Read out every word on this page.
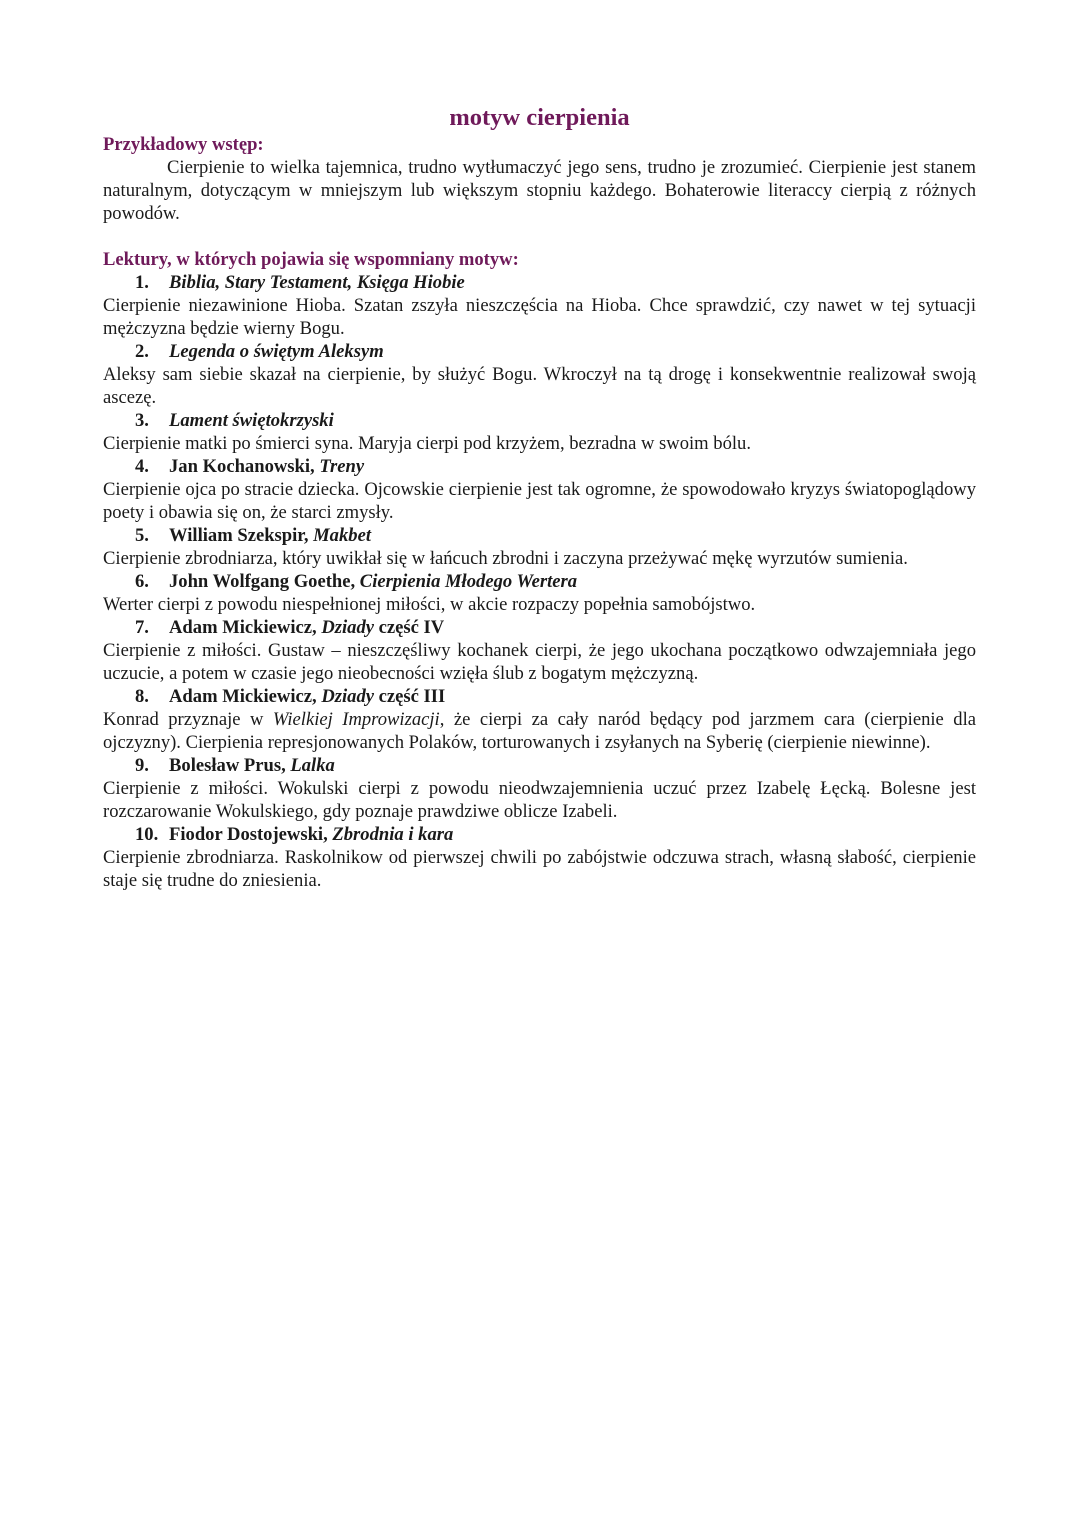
motyw cierpienia
Przykładowy wstęp:

Cierpienie to wielka tajemnica, trudno wytłumaczyć jego sens, trudno je zrozumieć. Cierpienie jest stanem naturalnym, dotyczącym w mniejszym lub większym stopniu każdego. Bohaterowie literaccy cierpią z różnych powodów.

Lektury, w których pojawia się wspomniany motyw:
1. Biblia, Stary Testament, Księga Hiobie

Cierpienie niezawinione Hioba. Szatan zszyła nieszczęścia na Hioba. Chce sprawdzić, czy nawet w tej sytuacji mężczyzna będzie wierny Bogu.

2. Legenda o świętym Aleksym

Aleksy sam siebie skazał na cierpienie, by służyć Bogu. Wkroczył na tą drogę i konsekwentnie realizował swoją ascezę.

3. Lament świętokrzyski

Cierpienie matki po śmierci syna. Maryja cierpi pod krzyżem, bezradna w swoim bólu.

4. Jan Kochanowski, Treny

Cierpienie ojca po stracie dziecka. Ojcowskie cierpienie jest tak ogromne, że spowodowało kryzys światopoglądowy poety i obawia się on, że starci zmysły.

5. William Szekspir, Makbet

Cierpienie zbrodniarza, który uwikłał się w łańcuch zbrodni i zaczyna przeżywać mękę wyrzutów sumienia.

6. John Wolfgang Goethe, Cierpienia Młodego Wertera

Werter cierpi z powodu niespełnionej miłości, w akcie rozpaczy popełnia samobójstwo.

7. Adam Mickiewicz, Dziady część IV

Cierpienie z miłości. Gustaw – nieszczęśliwy kochanek cierpi, że jego ukochana początkowo odwzajemniała jego uczucie, a potem w czasie jego nieobecności wzięła ślub z bogatym mężczyzną.

8. Adam Mickiewicz, Dziady część III

Konrad przyznaje w Wielkiej Improwizacji, że cierpi za cały naród będący pod jarzmem cara (cierpienie dla ojczyzny). Cierpienia represjonowanych Polaków, torturowanych i zsyłanych na Syberię (cierpienie niewinne).

9. Bolesław Prus, Lalka

Cierpienie z miłości. Wokulski cierpi z powodu nieodwzajemnienia uczuć przez Izabelę Łęcką. Bolesne jest rozczarowanie Wokulskiego, gdy poznaje prawdziwe oblicze Izabeli.

10. Fiodor Dostojewski, Zbrodnia i kara

Cierpienie zbrodniarza. Raskolnikow od pierwszej chwili po zabójstwie odczuwa strach, własną słabość, cierpienie staje się trudne do zniesienia.
